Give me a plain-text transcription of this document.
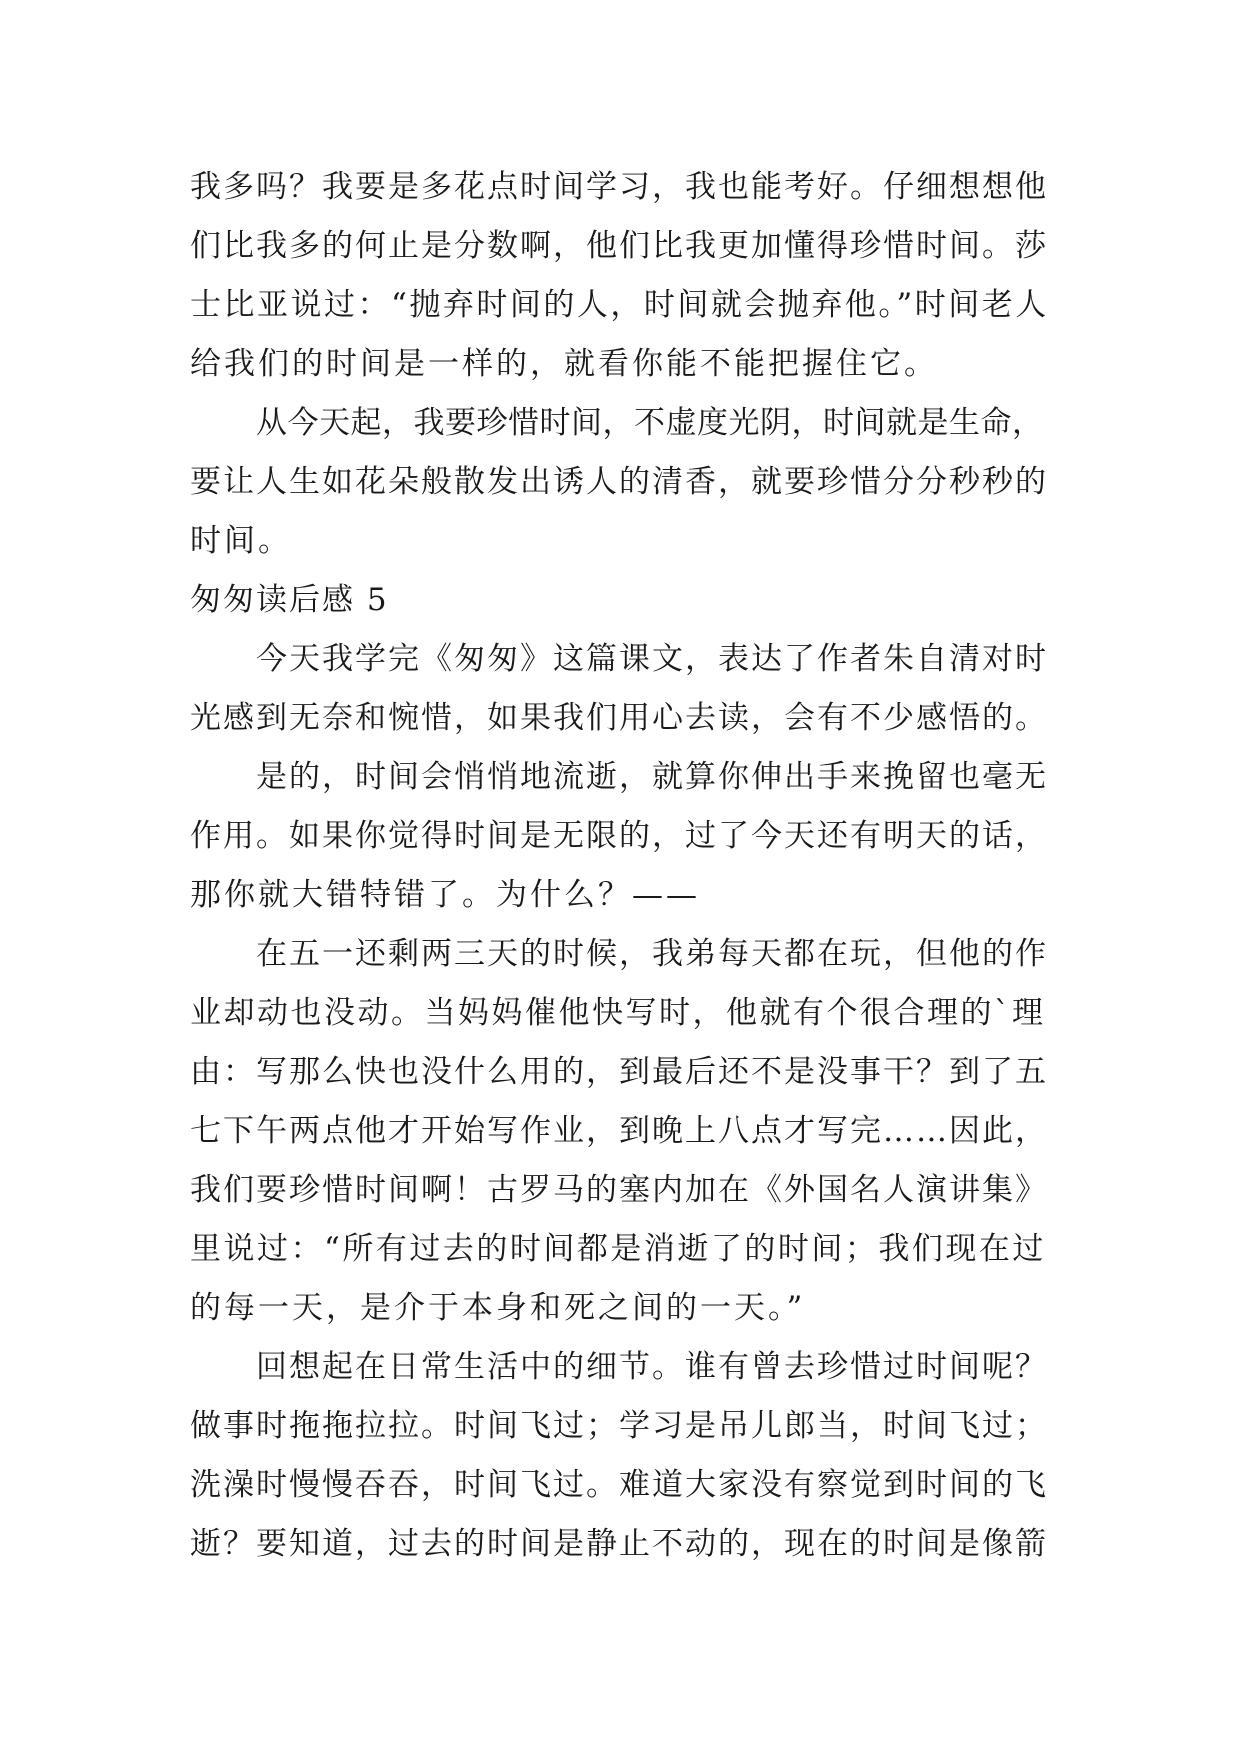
我多吗？我要是多花点时间学习，我也能考好。仔细想想他
们比我多的何止是分数啊，他们比我更加懂得珍惜时间。莎
士比亚说过：“抛弃时间的人，时间就会抛弃他。”时间老人
给我们的时间是一样的，就看你能不能把握住它。
从今天起，我要珍惜时间，不虚度光阴，时间就是生命，
要让人生如花朵般散发出诱人的清香，就要珍惜分分秒秒的
时间。
匆匆读后感 5
今天我学完《匆匆》这篇课文，表达了作者朱自清对时
光感到无奈和惋惜，如果我们用心去读，会有不少感悟的。
是的，时间会悄悄地流逝，就算你伸出手来挽留也毫无
作用。如果你觉得时间是无限的，过了今天还有明天的话，
那你就大错特错了。为什么？——
在五一还剩两三天的时候，我弟每天都在玩，但他的作
业却动也没动。当妈妈催他快写时，他就有个很合理的`理
由：写那么快也没什么用的，到最后还不是没事干？到了五
七下午两点他才开始写作业，到晚上八点才写完……因此，
我们要珍惜时间啊！古罗马的塞内加在《外国名人演讲集》
里说过：“所有过去的时间都是消逝了的时间；我们现在过
的每一天，是介于本身和死之间的一天。”
回想起在日常生活中的细节。谁有曾去珍惜过时间呢？
做事时拖拖拉拉。时间飞过；学习是吊儿郎当，时间飞过；
洗澡时慢慢吞吞，时间飞过。难道大家没有察觉到时间的飞
逝？要知道，过去的时间是静止不动的，现在的时间是像箭
